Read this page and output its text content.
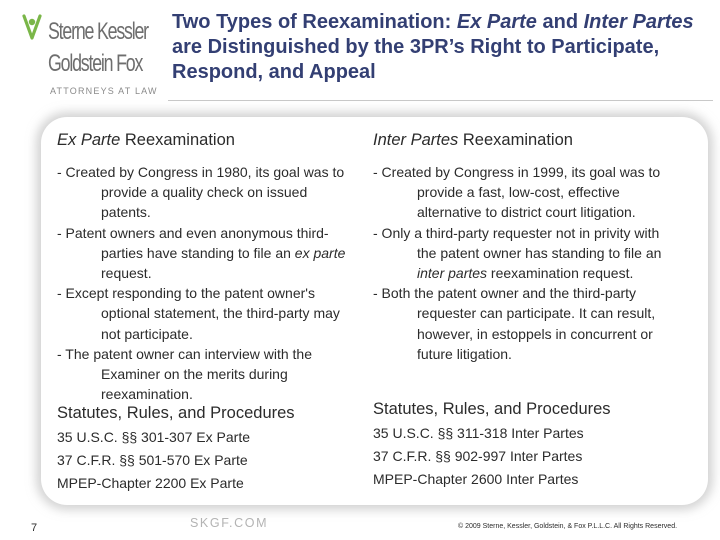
Sterne Kessler
Goldstein Fox
ATTORNEYS AT LAW
Two Types of Reexamination: Ex Parte and Inter Partes are Distinguished by the 3PR’s Right to Participate, Respond, and Appeal
Ex Parte Reexamination
- Created by Congress in 1980, its goal was to provide a quality check on issued patents.
- Patent owners and even anonymous third-parties have standing to file an ex parte request.
- Except responding to the patent owner's optional statement, the third-party may not participate.
- The patent owner can interview with the Examiner on the merits during reexamination.
Inter Partes Reexamination
- Created by Congress in 1999, its goal was to provide a fast, low-cost, effective alternative to district court litigation.
- Only a third-party requester not in privity with the patent owner has standing to file an inter partes reexamination request.
- Both the patent owner and the third-party requester can participate. It can result, however, in estoppels in concurrent or future litigation.
Statutes, Rules, and Procedures
35 U.S.C. §§ 301-307 Ex Parte
37 C.F.R. §§ 501-570 Ex Parte
MPEP-Chapter 2200 Ex Parte
Statutes, Rules, and Procedures
35 U.S.C. §§ 311-318 Inter Partes
37 C.F.R. §§ 902-997 Inter Partes
MPEP-Chapter 2600 Inter Partes
7	SKGF.COM	© 2009 Sterne, Kessler, Goldstein, & Fox P.L.L.C. All Rights Reserved.
